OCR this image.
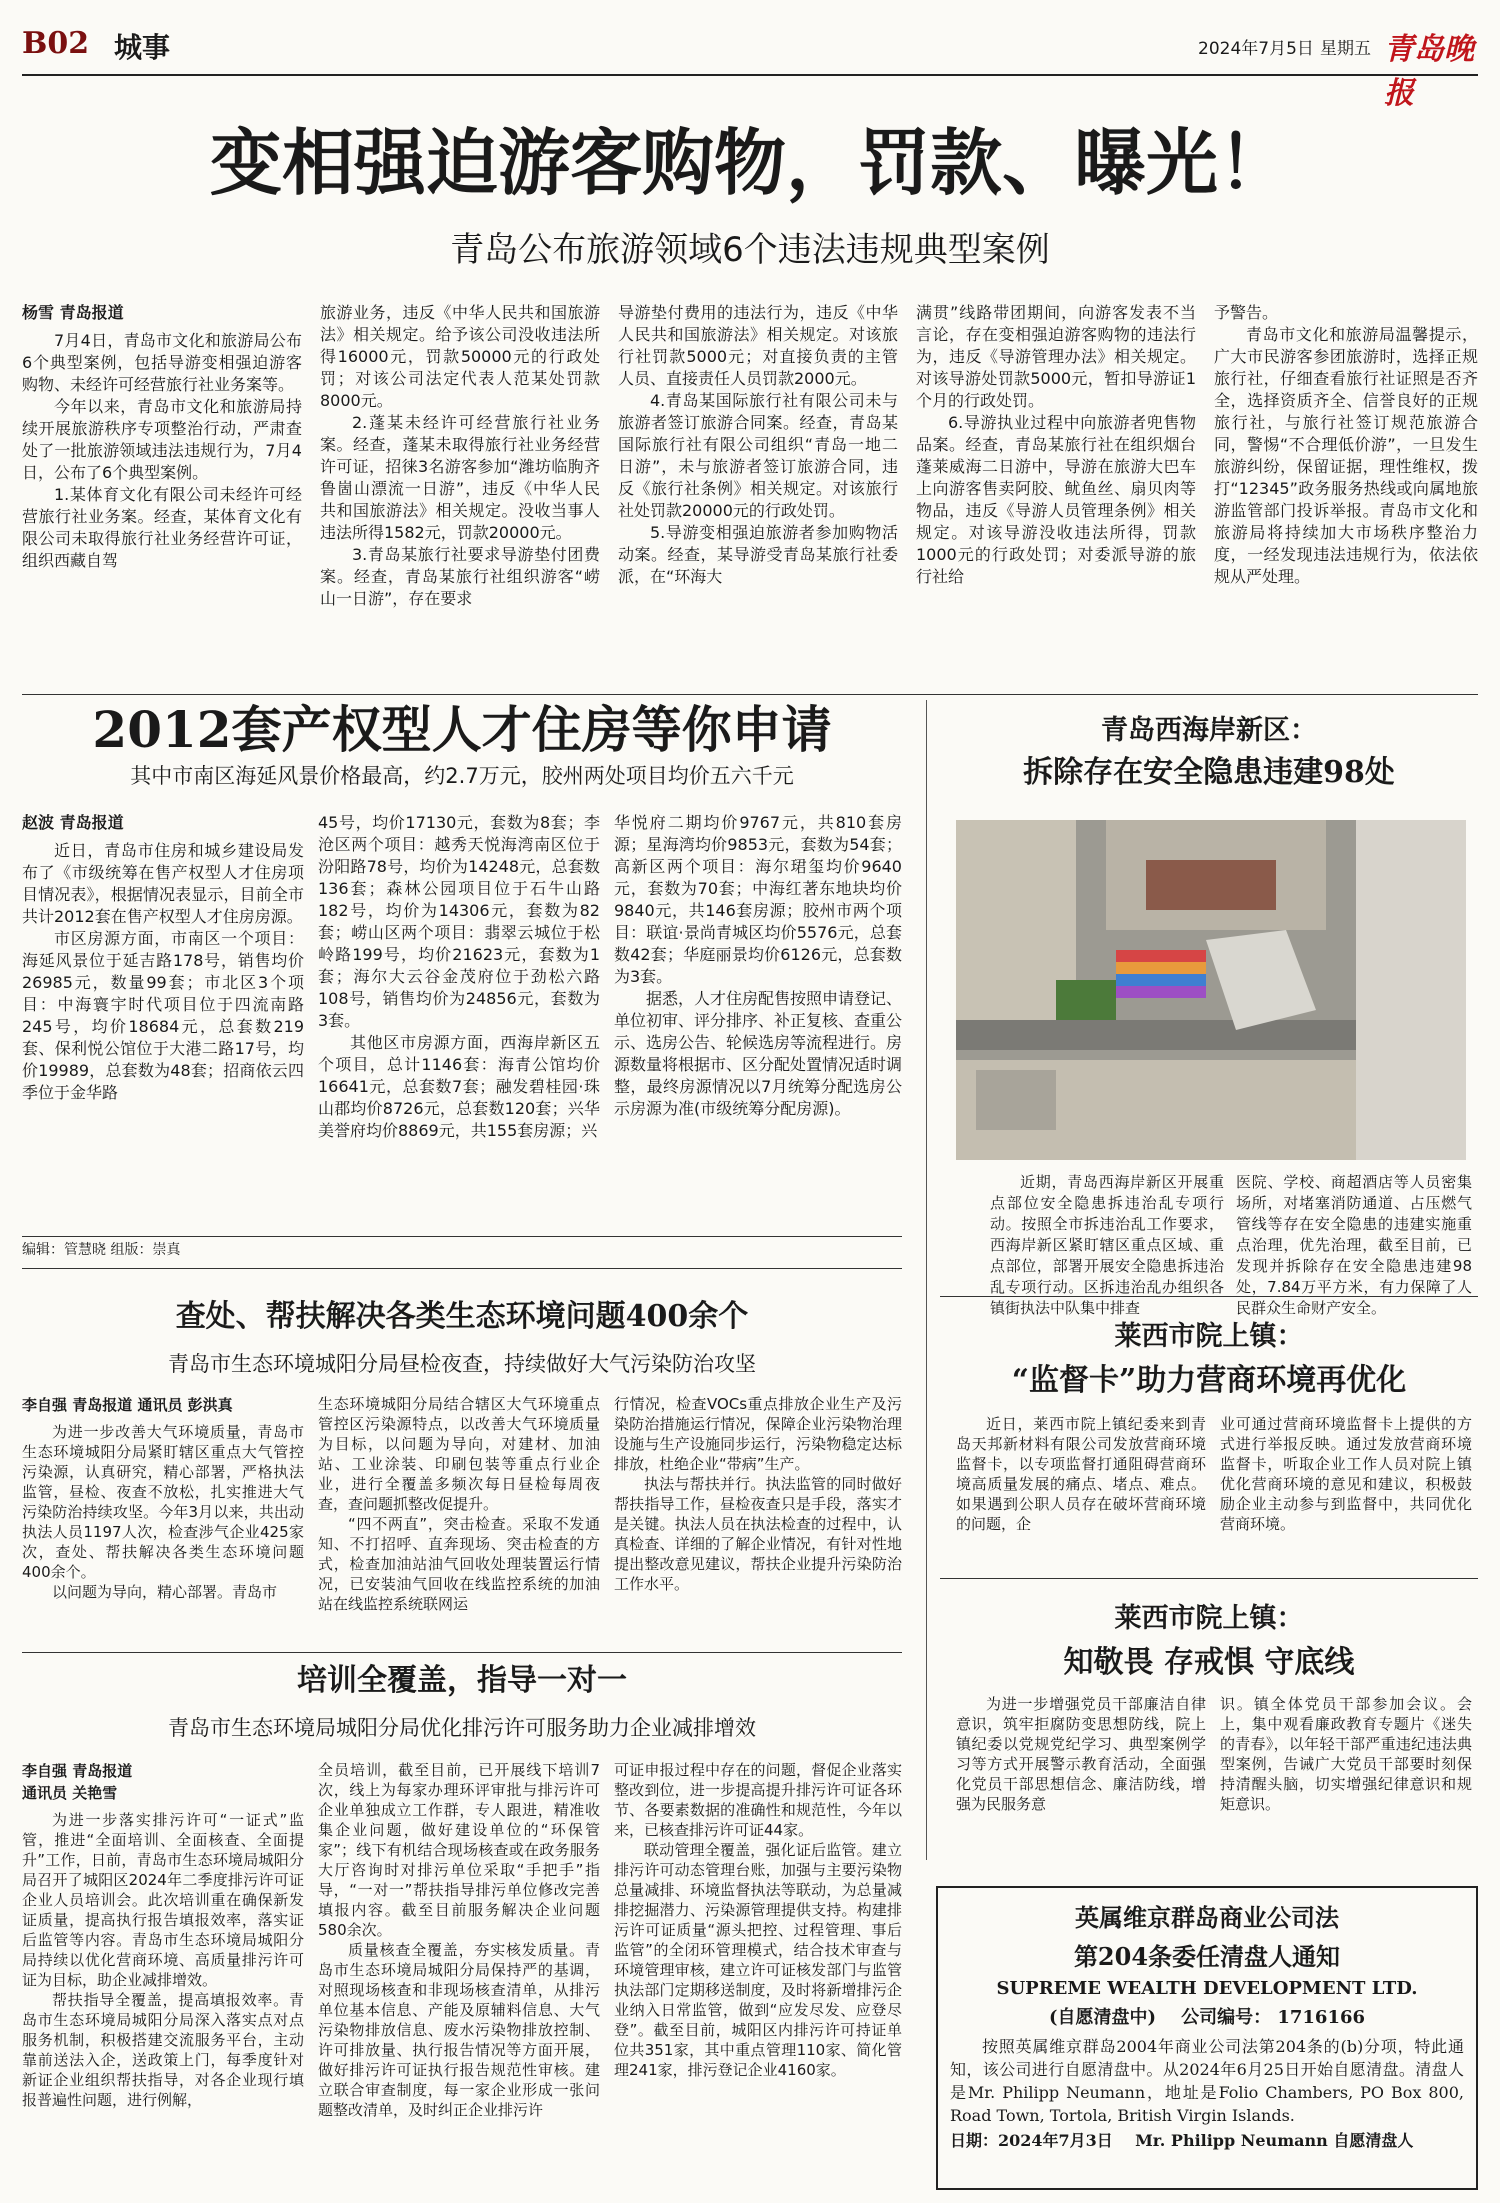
B02 城事	2024年7月5日 星期五 青岛晚报
变相强迫游客购物，罚款、曝光！
青岛公布旅游领域6个违法违规典型案例
杨雪 青岛报道

7月4日，青岛市文化和旅游局公布6个典型案例，包括导游变相强迫游客购物、未经许可经营旅行社业务案等。

今年以来，青岛市文化和旅游局持续开展旅游秩序专项整治行动，严肃查处了一批旅游领域违法违规行为，7月4日，公布了6个典型案例。

1.某体育文化有限公司未经许可经营旅行社业务案。经查，某体育文化有限公司未取得旅行社业务经营许可证，组织西藏自驾

旅游业务，违反《中华人民共和国旅游法》相关规定。给予该公司没收违法所得16000元，罚款50000元的行政处罚；对该公司法定代表人范某处罚款8000元。

2.蓬某未经许可经营旅行社业务案。经查，蓬某未取得旅行社业务经营许可证，招徕3名游客参加“潍坊临朐齐鲁崮山漂流一日游”，违反《中华人民共和国旅游法》相关规定。没收当事人违法所得1582元，罚款20000元。

3.青岛某旅行社要求导游垫付团费案。经查，青岛某旅行社组织游客“崂山一日游”，存在要求

导游垫付费用的违法行为，违反《中华人民共和国旅游法》相关规定。对该旅行社罚款5000元；对直接负责的主管人员、直接责任人员罚款2000元。

4.青岛某国际旅行社有限公司未与旅游者签订旅游合同案。经查，青岛某国际旅行社有限公司组织“青岛一地二日游”，未与旅游者签订旅游合同，违反《旅行社条例》相关规定。对该旅行社处罚款20000元的行政处罚。

5.导游变相强迫旅游者参加购物活动案。经查，某导游受青岛某旅行社委派，在“环海大

满贯”线路带团期间，向游客发表不当言论，存在变相强迫游客购物的违法行为，违反《导游管理办法》相关规定。对该导游处罚款5000元，暂扣导游证1个月的行政处罚。

6.导游执业过程中向旅游者兜售物品案。经查，青岛某旅行社在组织烟台蓬莱威海二日游中，导游在旅游大巴车上向游客售卖阿胶、鱿鱼丝、扇贝肉等物品，违反《导游人员管理条例》相关规定。对该导游没收违法所得，罚款1000元的行政处罚；对委派导游的旅行社给

予警告。

青岛市文化和旅游局温馨提示，广大市民游客参团旅游时，选择正规旅行社，仔细查看旅行社证照是否齐全，选择资质齐全、信誉良好的正规旅行社，与旅行社签订规范旅游合同，警惕“不合理低价游”，一旦发生旅游纠纷，保留证据，理性维权，拨打“12345”政务服务热线或向属地旅游监管部门投诉举报。青岛市文化和旅游局将持续加大市场秩序整治力度，一经发现违法违规行为，依法依规从严处理。

2012套产权型人才住房等你申请
其中市南区海延风景价格最高，约2.7万元，胶州两处项目均价五六千元
赵波 青岛报道

近日，青岛市住房和城乡建设局发布了《市级统筹在售产权型人才住房项目情况表》，根据情况表显示，目前全市共计2012套在售产权型人才住房房源。

市区房源方面，市南区一个项目：海延风景位于延吉路178号，销售均价26985元，数量99套；市北区3个项目：中海寰宇时代项目位于四流南路245号，均价18684元，总套数219套、保利悦公馆位于大港二路17号，均价19989，总套数为48套；招商依云四季位于金华路

45号，均价17130元，套数为8套；李沧区两个项目：越秀天悦海湾南区位于汾阳路78号，均价为14248元，总套数136套；森林公园项目位于石牛山路182号，均价为14306元，套数为82套；崂山区两个项目：翡翠云城位于松岭路199号，均价21623元，套数为1套；海尔大云谷金茂府位于劲松六路108号，销售均价为24856元，套数为3套。

其他区市房源方面，西海岸新区五个项目，总计1146套：海青公馆均价16641元，总套数7套；融发碧桂园·珠山郡均价8726元，总套数120套；兴华美誉府均价8869元，共155套房源；兴

华悦府二期均价9767元，共810套房源；星海湾均价9853元，套数为54套；高新区两个项目：海尔珺玺均价9640元，套数为70套；中海红著东地块均价9840元，共146套房源；胶州市两个项目：联谊·景尚青城区均价5576元，总套数42套；华庭丽景均价6126元，总套数为3套。

据悉，人才住房配售按照申请登记、单位初审、评分排序、补正复核、查重公示、选房公告、轮候选房等流程进行。房源数量将根据市、区分配处置情况适时调整，最终房源情况以7月统筹分配选房公示房源为准(市级统筹分配房源)。

编辑：管慧晓 组版：崇真
青岛西海岸新区：
拆除存在安全隐患违建98处

近期，青岛西海岸新区开展重点部位安全隐患拆违治乱专项行动。按照全市拆违治乱工作要求，西海岸新区紧盯辖区重点区域、重点部位，部署开展安全隐患拆违治乱专项行动。区拆违治乱办组织各镇街执法中队集中排查

医院、学校、商超酒店等人员密集场所，对堵塞消防通道、占压燃气管线等存在安全隐患的违建实施重点治理，优先治理，截至目前，已发现并拆除存在安全隐患违建98处，7.84万平方米，有力保障了人民群众生命财产安全。

查处、帮扶解决各类生态环境问题400余个
青岛市生态环境城阳分局昼检夜查，持续做好大气污染防治攻坚
李自强 青岛报道 通讯员 彭洪真

为进一步改善大气环境质量，青岛市生态环境城阳分局紧盯辖区重点大气管控污染源，认真研究，精心部署，严格执法监管，昼检、夜查不放松，扎实推进大气污染防治持续攻坚。今年3月以来，共出动执法人员1197人次，检查涉气企业425家次，查处、帮扶解决各类生态环境问题400余个。

以问题为导向，精心部署。青岛市

生态环境城阳分局结合辖区大气环境重点管控区污染源特点，以改善大气环境质量为目标，以问题为导向，对建材、加油站、工业涂装、印刷包装等重点行业企业，进行全覆盖多频次每日昼检每周夜查，查问题抓整改促提升。

“四不两直”，突击检查。采取不发通知、不打招呼、直奔现场、突击检查的方式，检查加油站油气回收处理装置运行情况，已安装油气回收在线监控系统的加油站在线监控系统联网运

行情况，检查VOCs重点排放企业生产及污染防治措施运行情况，保障企业污染物治理设施与生产设施同步运行，污染物稳定达标排放，杜绝企业“带病”生产。

执法与帮扶并行。执法监管的同时做好帮扶指导工作，昼检夜查只是手段，落实才是关键。执法人员在执法检查的过程中，认真检查、详细的了解企业情况，有针对性地提出整改意见建议，帮扶企业提升污染防治工作水平。

莱西市院上镇：
“监督卡”助力营商环境再优化

近日，莱西市院上镇纪委来到青岛天邦新材料有限公司发放营商环境监督卡，以专项监督打通阻碍营商环境高质量发展的痛点、堵点、难点。如果遇到公职人员存在破坏营商环境的问题，企

业可通过营商环境监督卡上提供的方式进行举报反映。通过发放营商环境监督卡，听取企业工作人员对院上镇优化营商环境的意见和建议，积极鼓励企业主动参与到监督中，共同优化营商环境。

莱西市院上镇：
知敬畏 存戒惧 守底线

为进一步增强党员干部廉洁自律意识，筑牢拒腐防变思想防线，院上镇纪委以党规党纪学习、典型案例学习等方式开展警示教育活动，全面强化党员干部思想信念、廉洁防线，增强为民服务意

识。镇全体党员干部参加会议。会上，集中观看廉政教育专题片《迷失的青春》，以年轻干部严重违纪违法典型案例，告诫广大党员干部要时刻保持清醒头脑，切实增强纪律意识和规矩意识。

培训全覆盖，指导一对一
青岛市生态环境局城阳分局优化排污许可服务助力企业减排增效
李自强 青岛报道
通讯员 关艳雪

为进一步落实排污许可“一证式”监管，推进“全面培训、全面核查、全面提升”工作，日前，青岛市生态环境局城阳分局召开了城阳区2024年二季度排污许可证企业人员培训会。此次培训重在确保新发证质量，提高执行报告填报效率，落实证后监管等内容。青岛市生态环境局城阳分局持续以优化营商环境、高质量排污许可证为目标，助企业减排增效。

帮扶指导全覆盖，提高填报效率。青岛市生态环境局城阳分局深入落实点对点服务机制，积极搭建交流服务平台，主动靠前送法入企，送政策上门，每季度针对新证企业组织帮扶指导，对各企业现行填报普遍性问题，进行例解，

全员培训，截至目前，已开展线下培训7次，线上为每家办理环评审批与排污许可企业单独成立工作群，专人跟进，精准收集企业问题，做好建设单位的“环保管家”；线下有机结合现场核查或在政务服务大厅咨询时对排污单位采取“手把手”指导，“一对一”帮扶指导排污单位修改完善填报内容。截至目前服务解决企业问题580余次。

质量核查全覆盖，夯实核发质量。青岛市生态环境局城阳分局保持严的基调，对照现场核查和非现场核查清单，从排污单位基本信息、产能及原辅料信息、大气污染物排放信息、废水污染物排放控制、许可排放量、执行报告情况等方面开展，做好排污许可证执行报告规范性审核。建立联合审查制度，每一家企业形成一张问题整改清单，及时纠正企业排污许

可证申报过程中存在的问题，督促企业落实整改到位，进一步提高提升排污许可证各环节、各要素数据的准确性和规范性，今年以来，已核查排污许可证44家。

联动管理全覆盖，强化证后监管。建立排污许可动态管理台账，加强与主要污染物总量减排、环境监督执法等联动，为总量减排挖掘潜力、污染源管理提供支持。构建排污许可证质量“源头把控、过程管理、事后监管”的全闭环管理模式，结合技术审查与环境管理审核，建立许可证核发部门与监管执法部门定期移送制度，及时将新增排污企业纳入日常监管，做到“应发尽发、应登尽登”。截至目前，城阳区内排污许可持证单位共351家，其中重点管理110家、简化管理241家，排污登记企业4160家。

英属维京群岛商业公司法
第204条委任清盘人通知
SUPREME WEALTH DEVELOPMENT LTD.
(自愿清盘中) 公司编号： 1716166
按照英属维京群岛2004年商业公司法第204条的(b)分项，特此通知，该公司进行自愿清盘中。从2024年6月25日开始自愿清盘。清盘人是Mr. Philipp Neumann，地址是Folio Chambers, PO Box 800, Road Town, Tortola, British Virgin Islands.
日期：2024年7月3日 Mr. Philipp Neumann 自愿清盘人
